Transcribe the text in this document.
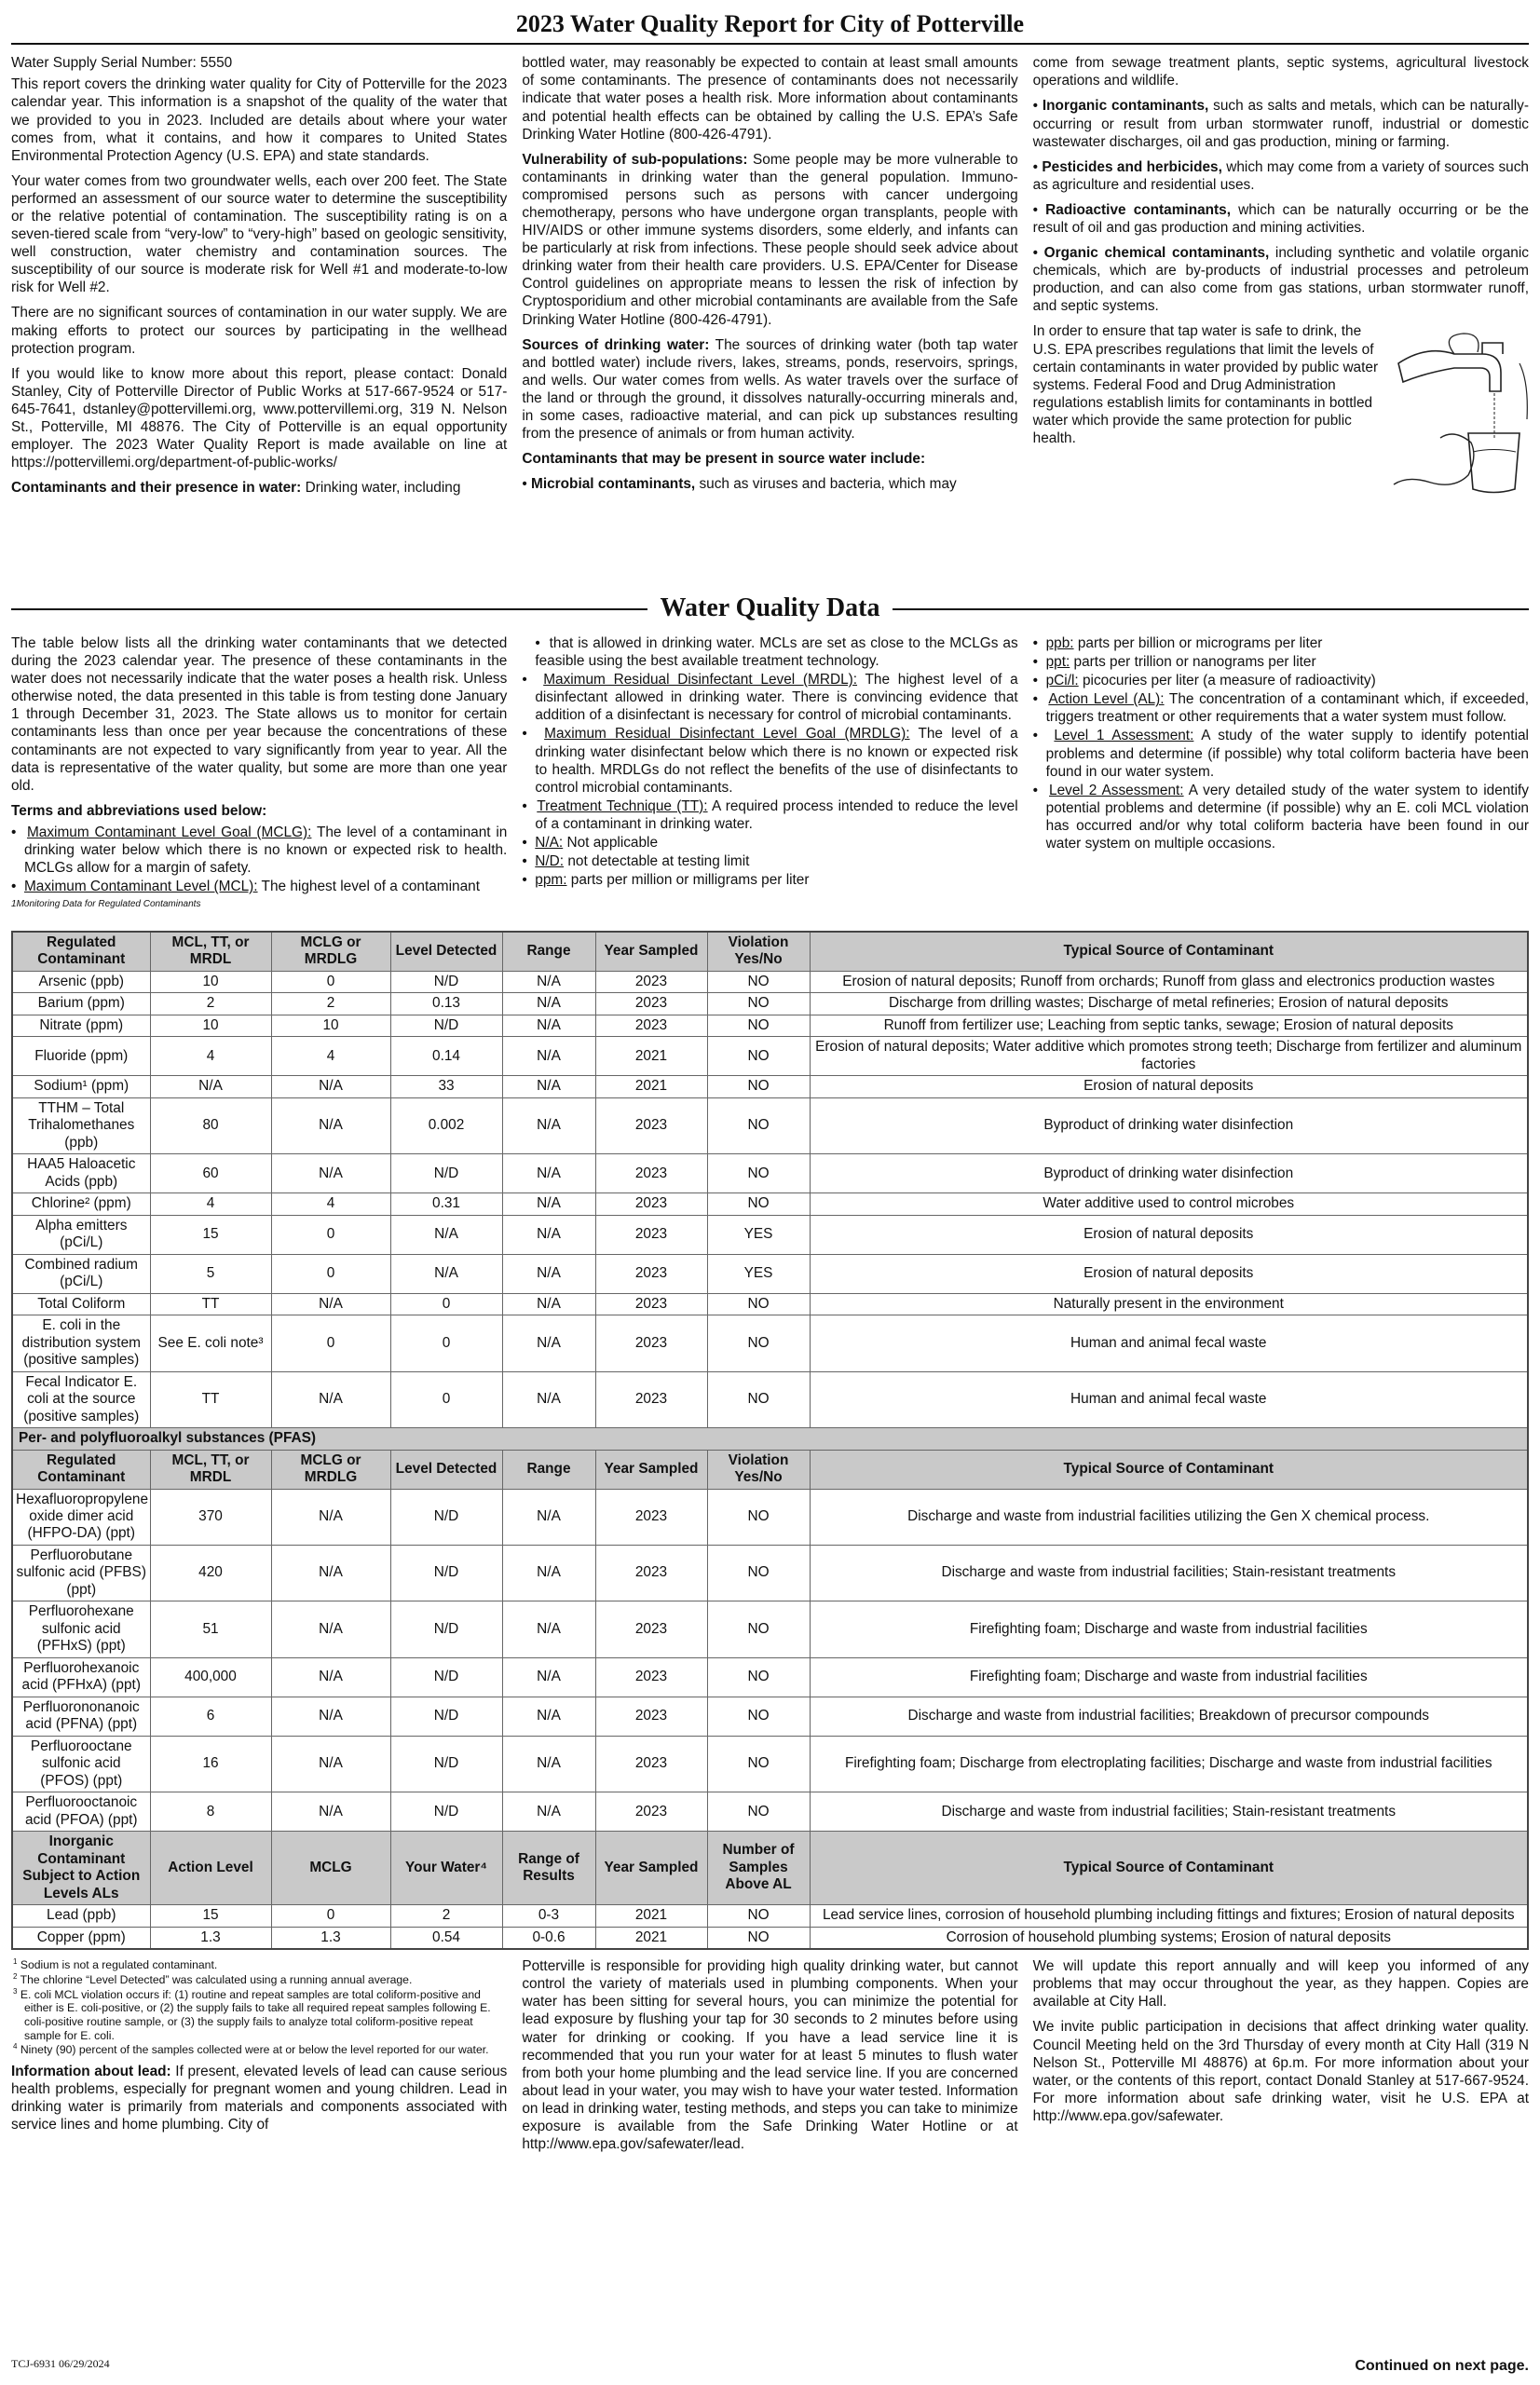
2023 Water Quality Report for City of Potterville

Water Supply Serial Number: 5550

This report covers the drinking water quality for City of Potterville for the 2023 calendar year. This information is a snapshot of the quality of the water that we provided to you in 2023. Included are details about where your water comes from, what it contains, and how it compares to United States Environmental Protection Agency (U.S. EPA) and state standards.

Your water comes from two groundwater wells, each over 200 feet. The State performed an assessment of our source water to determine the susceptibility or the relative potential of contamination. The susceptibility rating is on a seven-tiered scale from “very-low” to “very-high” based on geologic sensitivity, well construction, water chemistry and contamination sources. The susceptibility of our source is moderate risk for Well #1 and moderate-to-low risk for Well #2.

There are no significant sources of contamination in our water supply. We are making efforts to protect our sources by participating in the wellhead protection program.

If you would like to know more about this report, please contact: Donald Stanley, City of Potterville Director of Public Works at 517-667-9524 or 517-645-7641, dstanley@pottervillemi.org, www.pottervillemi.org, 319 N. Nelson St., Potterville, MI 48876. The City of Potterville is an equal opportunity employer. The 2023 Water Quality Report is made available on line at https://pottervillemi.org/department-of-public-works/

Contaminants and their presence in water: Drinking water, including

bottled water, may reasonably be expected to contain at least small amounts of some contaminants. The presence of contaminants does not necessarily indicate that water poses a health risk. More information about contaminants and potential health effects can be obtained by calling the U.S. EPA’s Safe Drinking Water Hotline (800-426-4791).

Vulnerability of sub-populations: Some people may be more vulnerable to contaminants in drinking water than the general population. Immuno-compromised persons such as persons with cancer undergoing chemotherapy, persons who have undergone organ transplants, people with HIV/AIDS or other immune systems disorders, some elderly, and infants can be particularly at risk from infections. These people should seek advice about drinking water from their health care providers. U.S. EPA/Center for Disease Control guidelines on appropriate means to lessen the risk of infection by Cryptosporidium and other microbial contaminants are available from the Safe Drinking Water Hotline (800-426-4791).

Sources of drinking water: The sources of drinking water (both tap water and bottled water) include rivers, lakes, streams, ponds, reservoirs, springs, and wells. Our water comes from wells. As water travels over the surface of the land or through the ground, it dissolves naturally-occurring minerals and, in some cases, radioactive material, and can pick up substances resulting from the presence of animals or from human activity.

Contaminants that may be present in source water include:

• Microbial contaminants, such as viruses and bacteria, which may

come from sewage treatment plants, septic systems, agricultural livestock operations and wildlife.

• Inorganic contaminants, such as salts and metals, which can be naturally-occurring or result from urban stormwater runoff, industrial or domestic wastewater discharges, oil and gas production, mining or farming.

• Pesticides and herbicides, which may come from a variety of sources such as agriculture and residential uses.

• Radioactive contaminants, which can be naturally occurring or be the result of oil and gas production and mining activities.

• Organic chemical contaminants, including synthetic and volatile organic chemicals, which are by-products of industrial processes and petroleum production, and can also come from gas stations, urban stormwater runoff, and septic systems.

In order to ensure that tap water is safe to drink, the U.S. EPA prescribes regulations that limit the levels of certain contaminants in water provided by public water systems. Federal Food and Drug Administration regulations establish limits for contaminants in bottled water which provide the same protection for public health.

Water Quality Data

The table below lists all the drinking water contaminants that we detected during the 2023 calendar year. The presence of these contaminants in the water does not necessarily indicate that the water poses a health risk. Unless otherwise noted, the data presented in this table is from testing done January 1 through December 31, 2023. The State allows us to monitor for certain contaminants less than once per year because the concentrations of these contaminants are not expected to vary significantly from year to year. All the data is representative of the water quality, but some are more than one year old.

Terms and abbreviations used below:
•  Maximum Contaminant Level Goal (MCLG): The level of a contaminant in drinking water below which there is no known or expected risk to health. MCLGs allow for a margin of safety.
•  Maximum Contaminant Level (MCL): The highest level of a contaminant
1Monitoring Data for Regulated Contaminants
•  that is allowed in drinking water. MCLs are set as close to the MCLGs as feasible using the best available treatment technology.
•  Maximum Residual Disinfectant Level (MRDL): The highest level of a disinfectant allowed in drinking water. There is convincing evidence that addition of a disinfectant is necessary for control of microbial contaminants.
•  Maximum Residual Disinfectant Level Goal (MRDLG): The level of a drinking water disinfectant below which there is no known or expected risk to health. MRDLGs do not reflect the benefits of the use of disinfectants to control microbial contaminants.
•  Treatment Technique (TT): A required process intended to reduce the level of a contaminant in drinking water.
•  N/A: Not applicable
•  N/D: not detectable at testing limit
•  ppm: parts per million or milligrams per liter
•  ppb: parts per billion or micrograms per liter
•  ppt: parts per trillion or nanograms per liter
•  pCi/l: picocuries per liter (a measure of radioactivity)
•  Action Level (AL): The concentration of a contaminant which, if exceeded, triggers treatment or other requirements that a water system must follow.
•  Level 1 Assessment: A study of the water supply to identify potential problems and determine (if possible) why total coliform bacteria have been found in our water system.
•  Level 2 Assessment: A very detailed study of the water system to identify potential problems and determine (if possible) why an E. coli MCL violation has occurred and/or why total coliform bacteria have been found in our water system on multiple occasions.
Regulated Contaminant	MCL, TT, or MRDL	MCLG or MRDLG	Level Detected	Range	Year Sampled	Violation Yes/No	Typical Source of Contaminant
Arsenic (ppb)	10	0	N/D	N/A	2023	NO	Erosion of natural deposits; Runoff from orchards; Runoff from glass and electronics production wastes
Barium (ppm)	2	2	0.13	N/A	2023	NO	Discharge from drilling wastes; Discharge of metal refineries; Erosion of natural deposits
Nitrate (ppm)	10	10	N/D	N/A	2023	NO	Runoff from fertilizer use; Leaching from septic tanks, sewage; Erosion of natural deposits
Fluoride (ppm)	4	4	0.14	N/A	2021	NO	Erosion of natural deposits; Water additive which promotes strong teeth; Discharge from fertilizer and aluminum factories
Sodium¹ (ppm)	N/A	N/A	33	N/A	2021	NO	Erosion of natural deposits
TTHM – Total Trihalomethanes (ppb)	80	N/A	0.002	N/A	2023	NO	Byproduct of drinking water disinfection
HAA5 Haloacetic Acids (ppb)	60	N/A	N/D	N/A	2023	NO	Byproduct of drinking water disinfection
Chlorine² (ppm)	4	4	0.31	N/A	2023	NO	Water additive used to control microbes
Alpha emitters (pCi/L)	15	0	N/A	N/A	2023	YES	Erosion of natural deposits
Combined radium (pCi/L)	5	0	N/A	N/A	2023	YES	Erosion of natural deposits
Total Coliform	TT	N/A	0	N/A	2023	NO	Naturally present in the environment
E. coli in the distribution system (positive samples)	See E. coli note³	0	0	N/A	2023	NO	Human and animal fecal waste
Fecal Indicator E. coli at the source (positive samples)	TT	N/A	0	N/A	2023	NO	Human and animal fecal waste
Per- and polyfluoroalkyl substances (PFAS)							
Regulated Contaminant	MCL, TT, or MRDL	MCLG or MRDLG	Level Detected	Range	Year Sampled	Violation Yes/No	Typical Source of Contaminant
Hexafluoropropylene oxide dimer acid (HFPO-DA) (ppt)	370	N/A	N/D	N/A	2023	NO	Discharge and waste from industrial facilities utilizing the Gen X chemical process.
Perfluorobutane sulfonic acid (PFBS) (ppt)	420	N/A	N/D	N/A	2023	NO	Discharge and waste from industrial facilities; Stain-resistant treatments
Perfluorohexane sulfonic acid (PFHxS) (ppt)	51	N/A	N/D	N/A	2023	NO	Firefighting foam; Discharge and waste from industrial facilities
Perfluorohexanoic acid (PFHxA) (ppt)	400,000	N/A	N/D	N/A	2023	NO	Firefighting foam; Discharge and waste from industrial facilities
Perfluorononanoic acid (PFNA) (ppt)	6	N/A	N/D	N/A	2023	NO	Discharge and waste from industrial facilities; Breakdown of precursor compounds
Perfluorooctane sulfonic acid (PFOS) (ppt)	16	N/A	N/D	N/A	2023	NO	Firefighting foam; Discharge from electroplating facilities; Discharge and waste from industrial facilities
Perfluorooctanoic acid (PFOA) (ppt)	8	N/A	N/D	N/A	2023	NO	Discharge and waste from industrial facilities; Stain-resistant treatments
Inorganic Contaminant Subject to Action Levels ALs	Action Level	MCLG	Your Water⁴	Range of Results	Year Sampled	Number of Samples Above AL	Typical Source of Contaminant
Lead (ppb)	15	0	2	0-3	2021	NO	Lead service lines, corrosion of household plumbing including fittings and fixtures; Erosion of natural deposits
Copper (ppm)	1.3	1.3	0.54	0-0.6	2021	NO	Corrosion of household plumbing systems; Erosion of natural deposits
$^1$ Sodium is not a regulated contaminant.
$^2$ The chlorine “Level Detected” was calculated using a running annual average.
$^3$ E. coli MCL violation occurs if: (1) routine and repeat samples are total coliform-positive and either is E. coli-positive, or (2) the supply fails to take all required repeat samples following E. coli-positive routine sample, or (3) the supply fails to analyze total coliform-positive repeat sample for E. coli.
$^4$ Ninety (90) percent of the samples collected were at or below the level reported for our water.

Information about lead: If present, elevated levels of lead can cause serious health problems, especially for pregnant women and young children. Lead in drinking water is primarily from materials and components associated with service lines and home plumbing. City of

Potterville is responsible for providing high quality drinking water, but cannot control the variety of materials used in plumbing components. When your water has been sitting for several hours, you can minimize the potential for lead exposure by flushing your tap for 30 seconds to 2 minutes before using water for drinking or cooking. If you have a lead service line it is recommended that you run your water for at least 5 minutes to flush water from both your home plumbing and the lead service line. If you are concerned about lead in your water, you may wish to have your water tested. Information on lead in drinking water, testing methods, and steps you can take to minimize exposure is available from the Safe Drinking Water Hotline or at http://www.epa.gov/safewater/lead.

We will update this report annually and will keep you informed of any problems that may occur throughout the year, as they happen. Copies are available at City Hall.

We invite public participation in decisions that affect drinking water quality. Council Meeting held on the 3rd Thursday of every month at City Hall (319 N Nelson St., Potterville MI 48876) at 6p.m. For more information about your water, or the contents of this report, contact Donald Stanley at 517-667-9524. For more information about safe drinking water, visit he U.S. EPA at http://www.epa.gov/safewater.

TCJ-6931 06/29/2024	Continued on next page.
